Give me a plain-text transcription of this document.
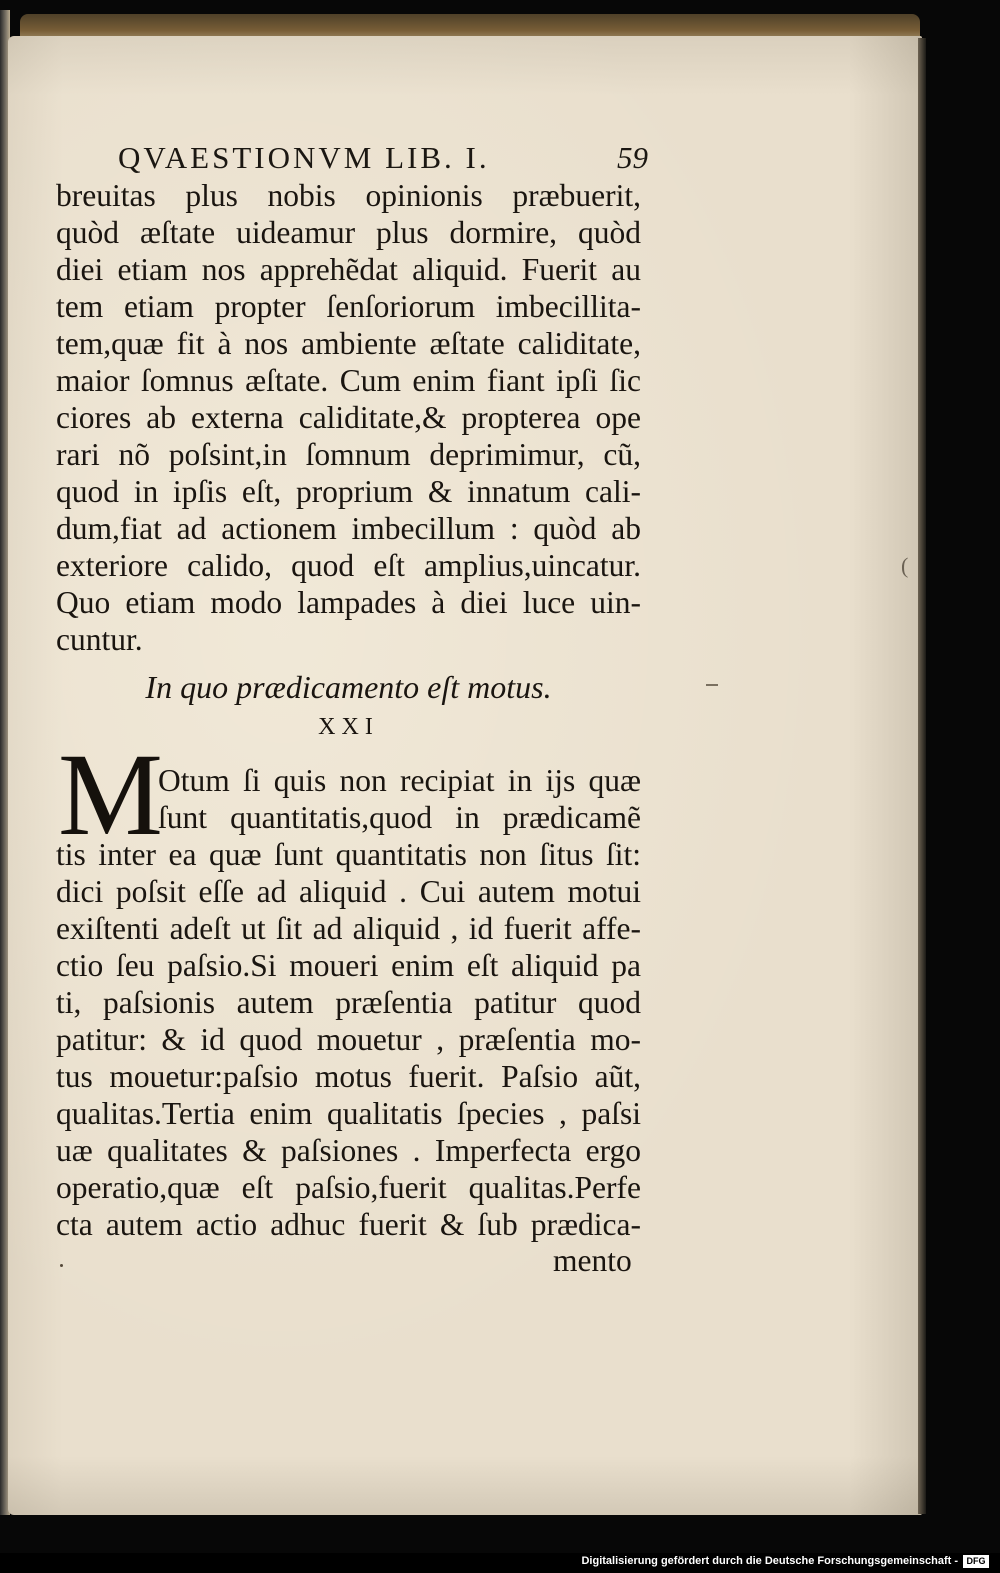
QVAESTIONVM LIB. I.	59
breuitas plus nobis opinionis præbuerit,
quòd æſtate uideamur plus dormire, quòd
diei etiam nos apprehẽdat aliquid. Fuerit au
tem etiam propter ſenſoriorum imbecillita-
tem,quæ fit à nos ambiente æſtate caliditate,
maior ſomnus æſtate. Cum enim fiant ipſi ſic
ciores ab externa caliditate,& propterea ope
rari nõ poſsint,in ſomnum deprimimur, cũ,
quod in ipſis eſt, proprium & innatum cali-
dum,fiat ad actionem imbecillum : quòd ab
exteriore calido, quod eſt amplius,uincatur.
Quo etiam modo lampades à diei luce uin-
cuntur.
In quo prædicamento eſt motus.
XXI
M
Otum ſi quis non recipiat in ijs quæ
ſunt quantitatis,quod in prædicamẽ
tis inter ea quæ ſunt quantitatis non ſitus ſit:
dici poſsit eſſe ad aliquid . Cui autem motui
exiſtenti adeſt ut ſit ad aliquid , id fuerit affe-
ctio ſeu paſsio.Si moueri enim eſt aliquid pa
ti, paſsionis autem præſentia patitur quod
patitur: & id quod mouetur , præſentia mo-
tus mouetur:paſsio motus fuerit. Paſsio aũt,
qualitas.Tertia enim qualitatis ſpecies , paſsi
uæ qualitates & paſsiones . Imperfecta ergo
operatio,quæ eſt paſsio,fuerit qualitas.Perfe
cta autem actio adhuc fuerit & ſub prædica-
mento
(
Digitalisierung gefördert durch die Deutsche Forschungsgemeinschaft - DFG
